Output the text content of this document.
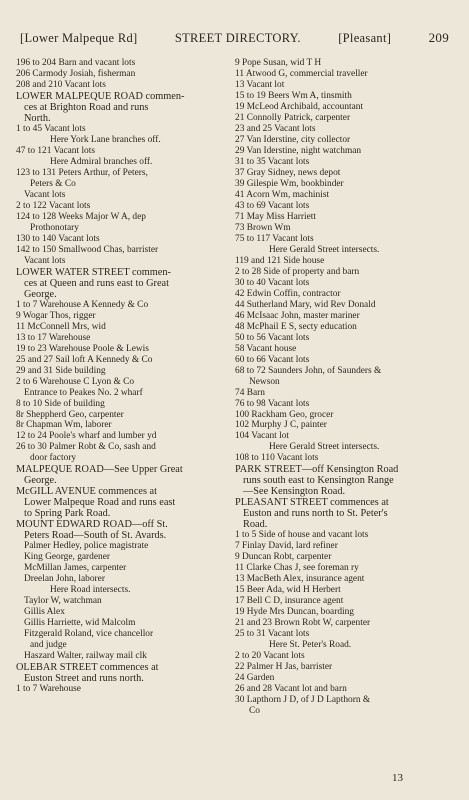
[Lower Malpeque Rd]	STREET DIRECTORY.	[Pleasant]	209
196 to 204 Barn and vacant lots
206 Carmody Josiah, fisherman
208 and 210 Vacant lots
LOWER MALPEQUE ROAD commen-
ces at Brighton Road and runs
North.
1 to 45 Vacant lots
Here York Lane branches off.
47 to 121 Vacant lots
Here Admiral branches off.
123 to 131 Peters Arthur, of Peters,
Peters & Co
Vacant lots
2 to 122 Vacant lots
124 to 128 Weeks Major W A, dep
Prothonotary
130 to 140 Vacant lots
142 to 150 Smallwood Chas, barrister
Vacant lots
LOWER WATER STREET commen-
ces at Queen and runs east to Great
George.
1 to 7 Warehouse A Kennedy & Co
9 Wogar Thos, rigger
11 McConnell Mrs, wid
13 to 17 Warehouse
19 to 23 Warehouse Poole & Lewis
25 and 27 Sail loft A Kennedy & Co
29 and 31 Side building
2 to 6 Warehouse C Lyon & Co
Entrance to Peakes No. 2 wharf
8 to 10 Side of building
8r Sheppherd Geo, carpenter
8r Chapman Wm, laborer
12 to 24 Poole's wharf and lumber yd
26 to 30 Palmer Robt & Co, sash and
door factory
MALPEQUE ROAD—See Upper Great
George.
McGILL AVENUE commences at
Lower Malpeque Road and runs east
to Spring Park Road.
MOUNT EDWARD ROAD—off St.
Peters Road—South of St. Avards.
Palmer Hedley, police magistrate
King George, gardener
McMillan James, carpenter
Dreelan John, laborer
Here Road intersects.
Taylor W, watchman
Gillis Alex
Gillis Harriette, wid Malcolm
Fitzgerald Roland, vice chancellor
and judge
Haszard Walter, railway mail clk
OLEBAR STREET commences at
Euston Street and runs north.
1 to 7 Warehouse
9 Pope Susan, wid T H
11 Atwood G, commercial traveller
13 Vacant lot
15 to 19 Beers Wm A, tinsmith
19 McLeod Archibald, accountant
21 Connolly Patrick, carpenter
23 and 25 Vacant lots
27 Van Iderstine, city collector
29 Van Iderstine, night watchman
31 to 35 Vacant lots
37 Gray Sidney, news depot
39 Gilespie Wm, bookbinder
41 Acorn Wm, machinist
43 to 69 Vacant lots
71 May Miss Harriett
73 Brown Wm
75 to 117 Vacant lots
Here Gerald Street intersects.
119 and 121 Side house
2 to 28 Side of property and barn
30 to 40 Vacant lots
42 Edwin Coffin, contractor
44 Sutherland Mary, wid Rev Donald
46 McIsaac John, master mariner
48 McPhail E S, secty education
50 to 56 Vacant lots
58 Vacant house
60 to 66 Vacant lots
68 to 72 Saunders John, of Saunders &
Newson
74 Barn
76 to 98 Vacant lots
100 Rackham Geo, grocer
102 Murphy J C, painter
104 Vacant lot
Here Gerald Street intersects.
108 to 110 Vacant lots
PARK STREET—off Kensington Road
runs south east to Kensington Range
—See Kensington Road.
PLEASANT STREET commences at
Euston and runs north to St. Peter's
Road.
1 to 5 Side of house and vacant lots
7 Finlay David, lard refiner
9 Duncan Robt, carpenter
11 Clarke Chas J, see foreman ry
13 MacBeth Alex, insurance agent
15 Beer Ada, wid H Herbert
17 Bell C D, insurance agent
19 Hyde Mrs Duncan, boarding
21 and 23 Brown Robt W, carpenter
25 to 31 Vacant lots
Here St. Peter's Road.
2 to 20 Vacant lots
22 Palmer H Jas, barrister
24 Garden
26 and 28 Vacant lot and barn
30 Lapthorn J D, of J D Lapthorn &
Co
13
